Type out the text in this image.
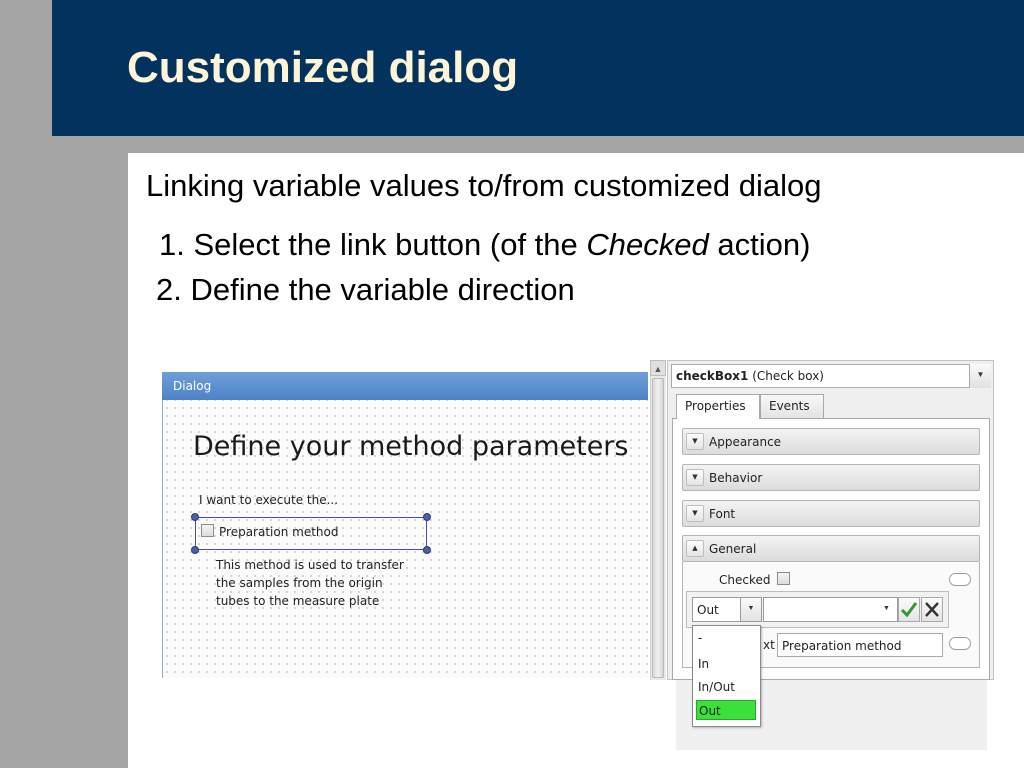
Customized dialog
Linking variable values to/from customized dialog
1. Select the link button (of the Checked action)
2. Define the variable direction
Dialog
Define your method parameters
I want to execute the...
Preparation method
This method is used to transfer the samples from the origin tubes to the measure plate
▲	checkBox1 (Check box)	▼
Properties	Events
▼ Appearance
▼ Behavior
▼ Font
▲ General
Checked
Out	▼	▼
xt Preparation method
-
In
In/Out
Out
